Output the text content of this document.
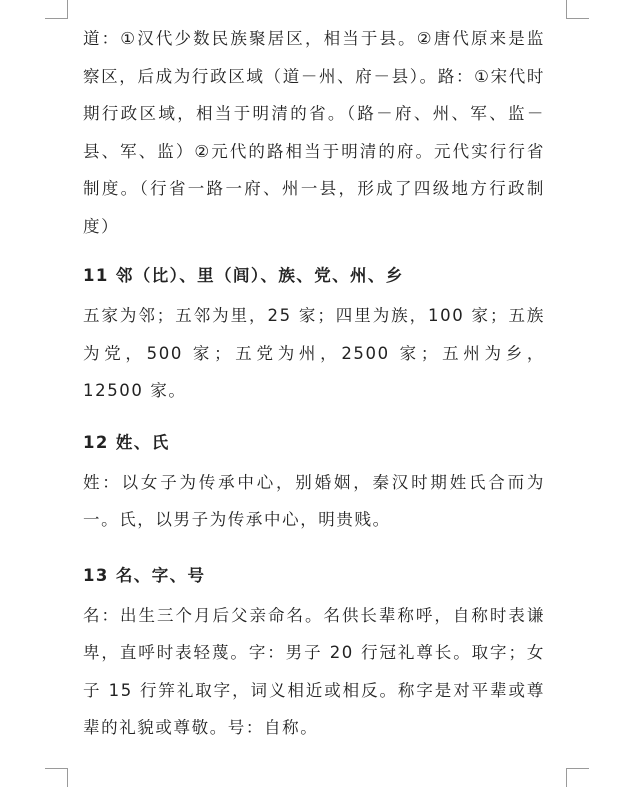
道：①汉代少数民族聚居区，相当于县。②唐代原来是监察区，后成为行政区域（道－州、府－县）。路：①宋代时期行政区域，相当于明清的省。（路－府、州、军、监－县、军、监）②元代的路相当于明清的府。元代实行行省制度。（行省一路一府、州一县，形成了四级地方行政制度）

11 邻（比）、里（闾）、族、党、州、乡

五家为邻；五邻为里，25 家；四里为族，100 家；五族为党，500 家；五党为州，2500 家；五州为乡，12500 家。

12 姓、氏

姓：以女子为传承中心，别婚姻，秦汉时期姓氏合而为一。氏，以男子为传承中心，明贵贱。

13 名、字、号

名：出生三个月后父亲命名。名供长辈称呼，自称时表谦卑，直呼时表轻蔑。字：男子 20 行冠礼尊长。取字；女子 15 行笄礼取字，词义相近或相反。称字是对平辈或尊辈的礼貌或尊敬。号：自称。
